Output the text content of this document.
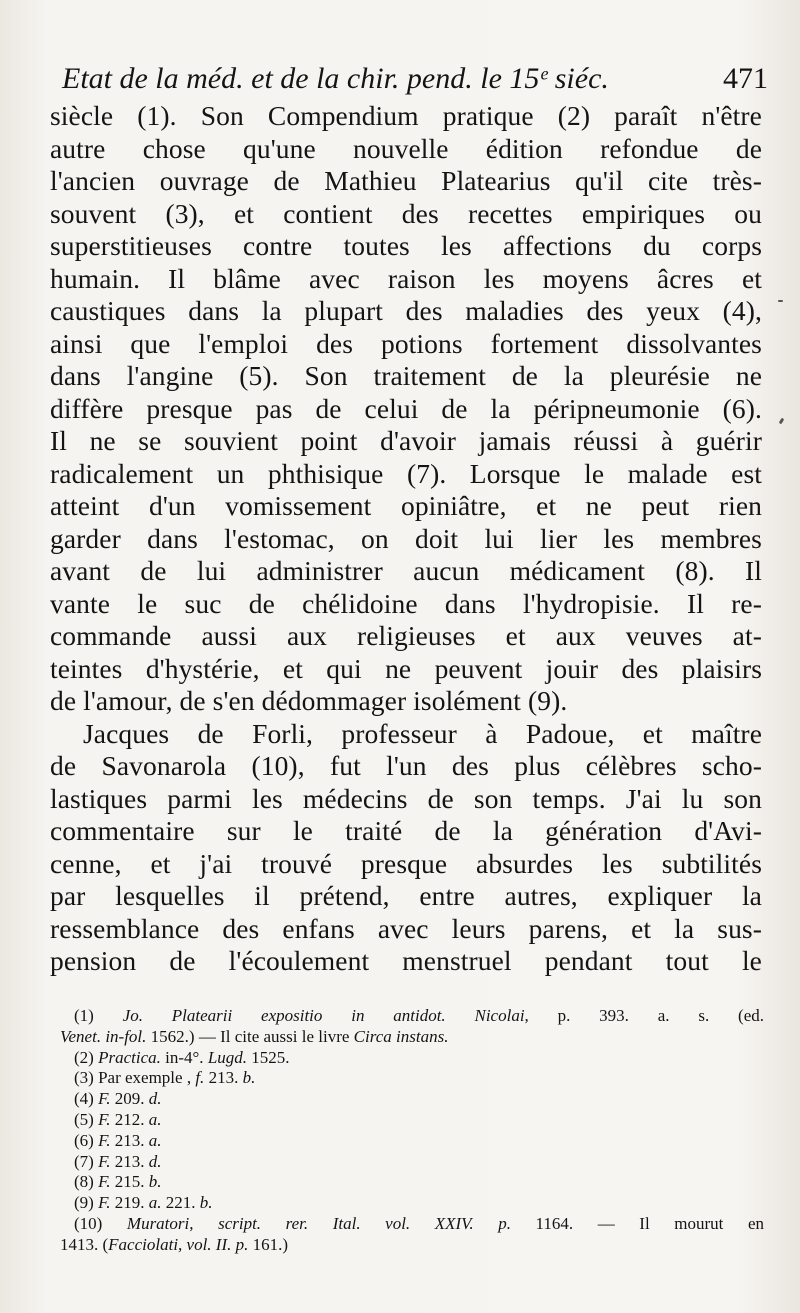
Etat de la méd. et de la chir. pend. le 15ᵉ siéc.	471
siècle (1). Son Compendium pratique (2) paraît n'être
autre chose qu'une nouvelle édition refondue de
l'ancien ouvrage de Mathieu Platearius qu'il cite très-
souvent (3), et contient des recettes empiriques ou
superstitieuses contre toutes les affections du corps
humain. Il blâme avec raison les moyens âcres et
caustiques dans la plupart des maladies des yeux (4),
ainsi que l'emploi des potions fortement dissolvantes
dans l'angine (5). Son traitement de la pleurésie ne
diffère presque pas de celui de la péripneumonie (6).
Il ne se souvient point d'avoir jamais réussi à guérir
radicalement un phthisique (7). Lorsque le malade est
atteint d'un vomissement opiniâtre, et ne peut rien
garder dans l'estomac, on doit lui lier les membres
avant de lui administrer aucun médicament (8). Il
vante le suc de chélidoine dans l'hydropisie. Il re-
commande aussi aux religieuses et aux veuves at-
teintes d'hystérie, et qui ne peuvent jouir des plaisirs
de l'amour, de s'en dédommager isolément (9).
Jacques de Forli, professeur à Padoue, et maître
de Savonarola (10), fut l'un des plus célèbres scho-
lastiques parmi les médecins de son temps. J'ai lu son
commentaire sur le traité de la génération d'Avi-
cenne, et j'ai trouvé presque absurdes les subtilités
par lesquelles il prétend, entre autres, expliquer la
ressemblance des enfans avec leurs parens, et la sus-
pension de l'écoulement menstruel pendant tout le
(1) Jo. Platearii expositio in antidot. Nicolai, p. 393. a. s. (ed.
Venet. in-fol. 1562.) — Il cite aussi le livre Circa instans.
(2) Practica. in-4°. Lugd. 1525.
(3) Par exemple , f. 213. b.
(4) F. 209. d.
(5) F. 212. a.
(6) F. 213. a.
(7) F. 213. d.
(8) F. 215. b.
(9) F. 219. a. 221. b.
(10) Muratori, script. rer. Ital. vol. XXIV. p. 1164. — Il mourut en
1413. (Facciolati, vol. II. p. 161.)
